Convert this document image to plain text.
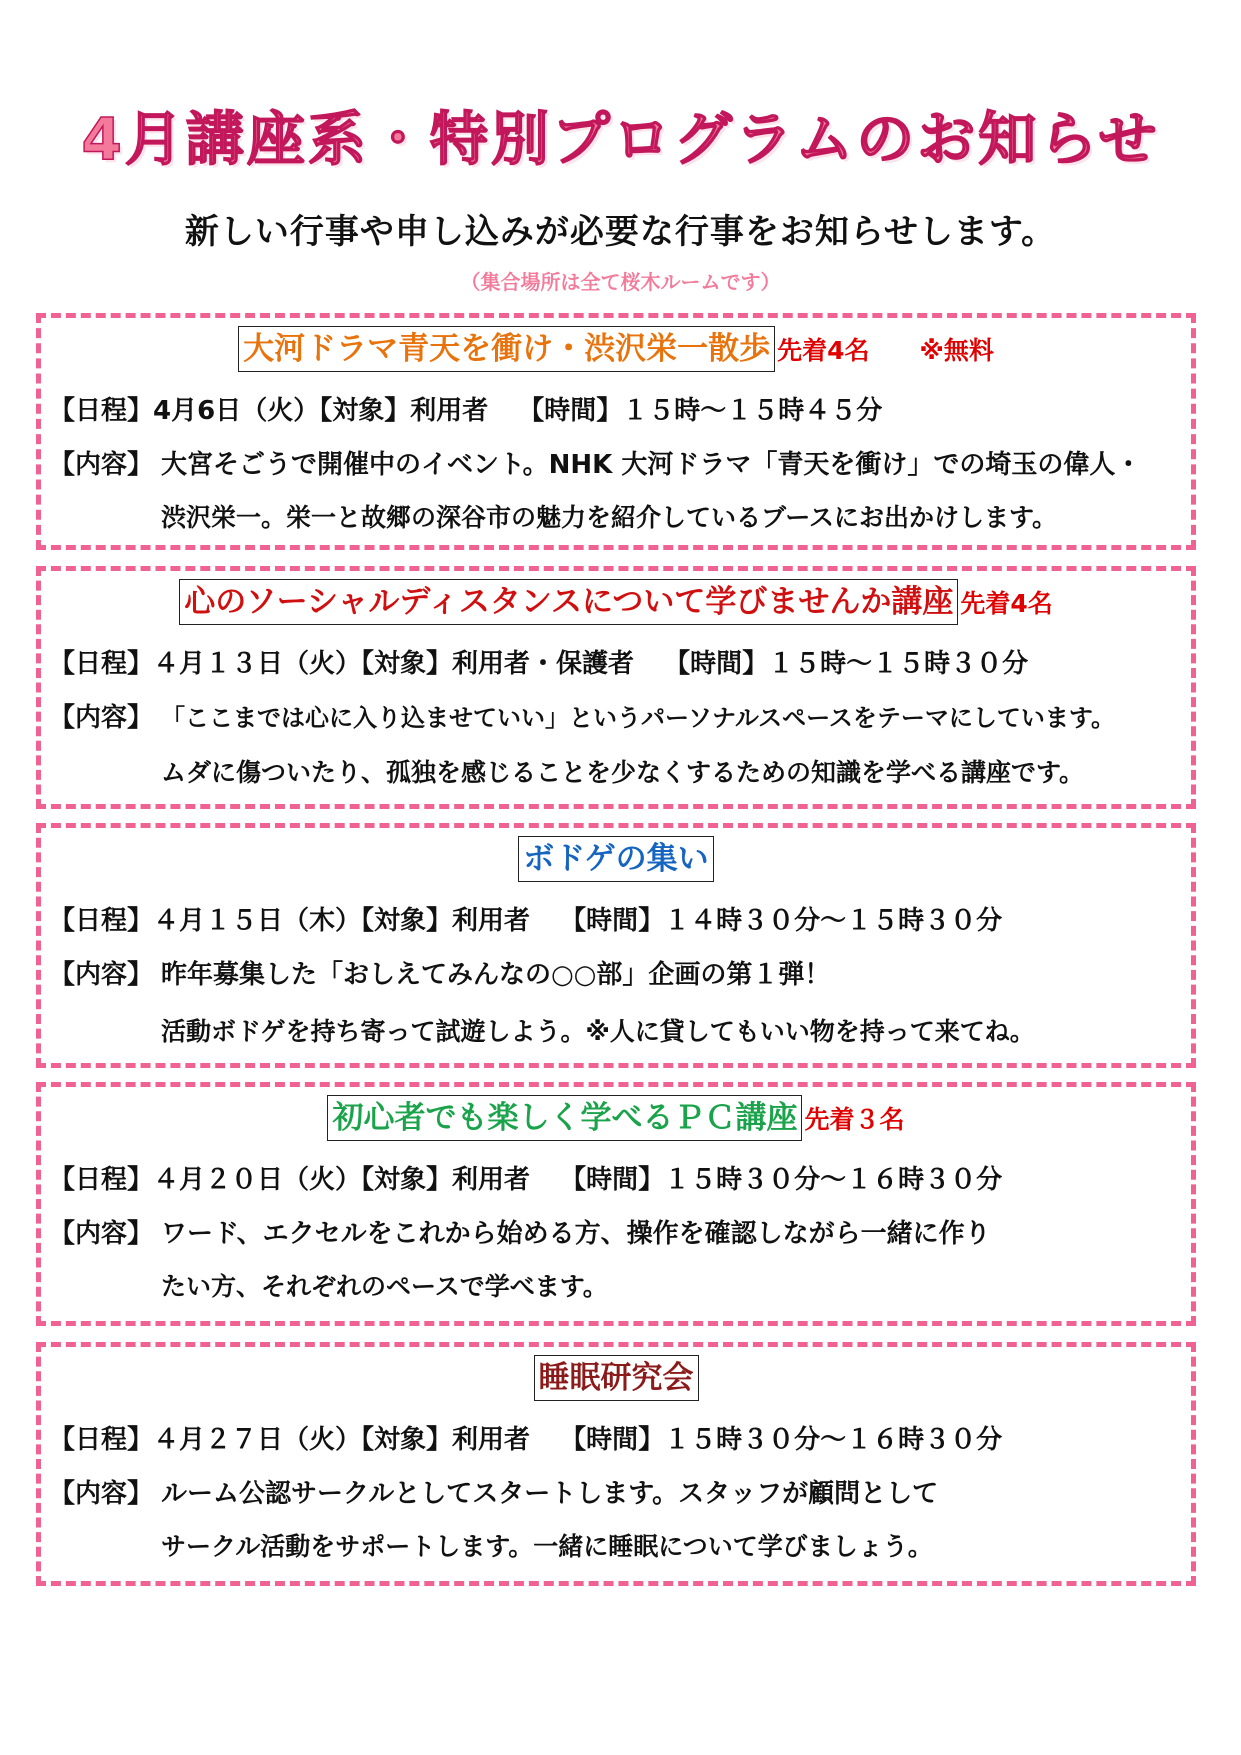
4月講座系・特別プログラムのお知らせ
新しい行事や申し込みが必要な行事をお知らせします。
（集合場所は全て桜木ルームです）
大河ドラマ青天を衝け・渋沢栄一散歩 先着4名 ※無料
【日程】4月6日（火）【対象】利用者 【時間】１５時～１５時４５分
【内容】 大宮そごうで開催中のイベント。NHK 大河ドラマ「青天を衝け」での埼玉の偉人・
渋沢栄一。栄一と故郷の深谷市の魅力を紹介しているブースにお出かけします。
心のソーシャルディスタンスについて学びませんか講座 先着4名
【日程】４月１３日（火）【対象】利用者・保護者 【時間】１５時～１５時３０分
【内容】 「ここまでは心に入り込ませていい」というパーソナルスペースをテーマにしています。
ムダに傷ついたり、孤独を感じることを少なくするための知識を学べる講座です。
ボドゲの集い
【日程】４月１５日（木）【対象】利用者 【時間】１４時３０分～１５時３０分
【内容】 昨年募集した「おしえてみんなの○○部」企画の第１弾！
活動ボドゲを持ち寄って試遊しよう。※人に貸してもいい物を持って来てね。
初心者でも楽しく学べるＰＣ講座 先着３名
【日程】４月２０日（火）【対象】利用者 【時間】１５時３０分～１６時３０分
【内容】 ワード、エクセルをこれから始める方、操作を確認しながら一緒に作り
たい方、それぞれのペースで学べます。
睡眠研究会
【日程】４月２７日（火）【対象】利用者 【時間】１５時３０分～１６時３０分
【内容】 ルーム公認サークルとしてスタートします。スタッフが顧問として
サークル活動をサポートします。一緒に睡眠について学びましょう。
